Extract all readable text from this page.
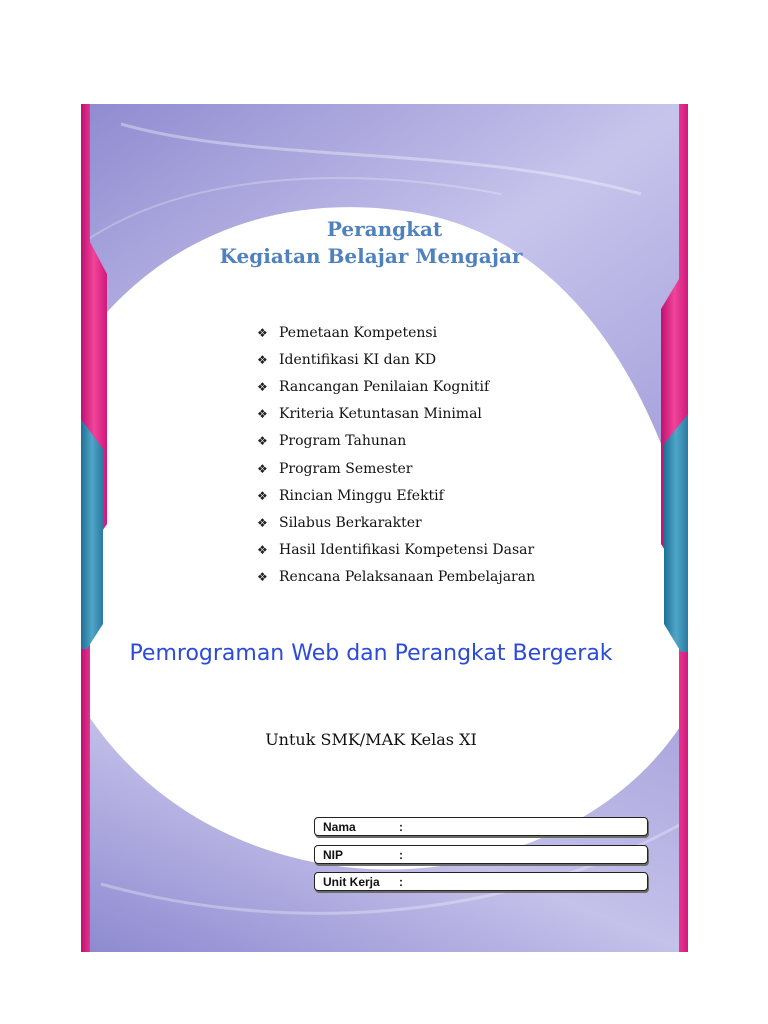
Perangkat
Kegiatan Belajar Mengajar
❖ Pemetaan Kompetensi
❖ Identifikasi KI dan KD
❖ Rancangan Penilaian Kognitif
❖ Kriteria Ketuntasan Minimal
❖ Program Tahunan
❖ Program Semester
❖ Rincian Minggu Efektif
❖ Silabus Berkarakter
❖ Hasil Identifikasi Kompetensi Dasar
❖ Rencana Pelaksanaan Pembelajaran
Pemrograman Web dan Perangkat Bergerak
Untuk SMK/MAK Kelas XI
Nama	:
NIP	:
Unit Kerja	:
